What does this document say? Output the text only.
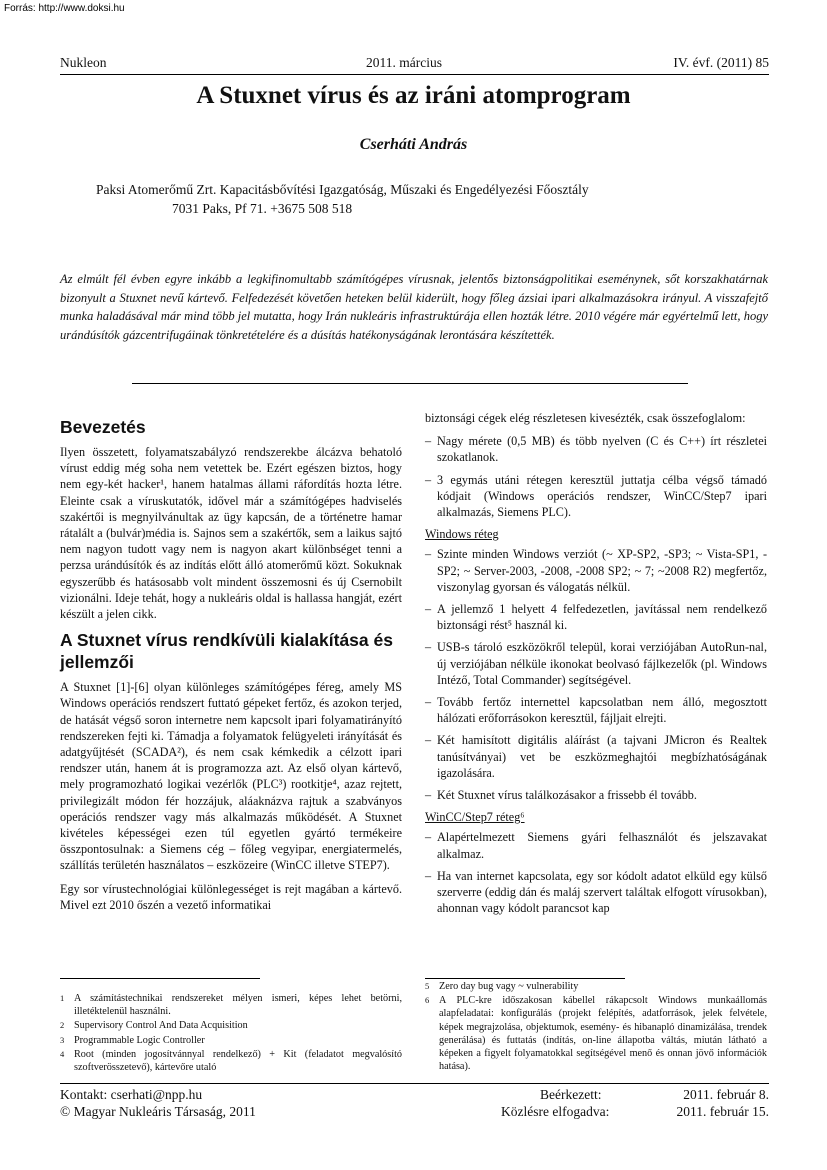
Forrás: http://www.doksi.hu
Nukleon	2011. március	IV. évf. (2011) 85
A Stuxnet vírus és az iráni atomprogram
Cserháti András
Paksi Atomerőmű Zrt. Kapacitásbővítési Igazgatóság, Műszaki és Engedélyezési Főosztály
7031 Paks, Pf 71. +3675 508 518

Az elmúlt fél évben egyre inkább a legkifinomultabb számítógépes vírusnak, jelentős biztonságpolitikai eseménynek, sőt korszakhatárnak bizonyult a Stuxnet nevű kártevő. Felfedezését követően heteken belül kiderült, hogy főleg ázsiai ipari alkalmazásokra irányul. A visszafejtő munka haladásával már mind több jel mutatta, hogy Irán nukleáris infrastruktúrája ellen hozták létre. 2010 végére már egyértelmű lett, hogy urándúsítók gázcentrifugáinak tönkretételére és a dúsítás hatékonyságának lerontására készítették.

Bevezetés

Ilyen összetett, folyamatszabályzó rendszerekbe álcázva behatoló vírust eddig még soha nem vetettek be. Ezért egészen biztos, hogy nem egy-két hacker¹, hanem hatalmas állami ráfordítás hozta létre. Eleinte csak a víruskutatók, idővel már a számítógépes hadviselés szakértői is megnyilvánultak az ügy kapcsán, de a történetre hamar rátalált a (bulvár)média is. Sajnos sem a szakértők, sem a laikus sajtó nem nagyon tudott vagy nem is nagyon akart különbséget tenni a perzsa urándúsítók és az indítás előtt álló atomerőmű közt. Sokuknak egyszerűbb és hatásosabb volt mindent összemosni és új Csernobilt vizionálni. Ideje tehát, hogy a nukleáris oldal is hallassa hangját, ezért készült a jelen cikk.

A Stuxnet vírus rendkívüli kialakítása és jellemzői

A Stuxnet [1]-[6] olyan különleges számítógépes féreg, amely MS Windows operációs rendszert futtató gépeket fertőz, és azokon terjed, de hatását végső soron internetre nem kapcsolt ipari folyamatirányító rendszereken fejti ki. Támadja a folyamatok felügyeleti irányítását és adatgyűjtését (SCADA²), és nem csak kémkedik a célzott ipari rendszer után, hanem át is programozza azt. Az első olyan kártevő, mely programozható logikai vezérlők (PLC³) rootkitje⁴, azaz rejtett, privilegizált módon fér hozzájuk, aláaknázva rajtuk a szabványos operációs rendszer vagy más alkalmazás működését. A Stuxnet kivételes képességei ezen túl egyetlen gyártó termékeire összpontosulnak: a Siemens cég – főleg vegyipar, energiatermelés, szállítás területén használatos – eszközeire (WinCC illetve STEP7).

Egy sor vírustechnológiai különlegességet is rejt magában a kártevő. Mivel ezt 2010 őszén a vezető informatikai

biztonsági cégek elég részletesen kivesézték, csak összefoglalom:

– Nagy mérete (0,5 MB) és több nyelven (C és C++) írt részletei szokatlanok.
– 3 egymás utáni rétegen keresztül juttatja célba végső támadó kódjait (Windows operációs rendszer, WinCC/Step7 ipari alkalmazás, Siemens PLC).
Windows réteg
– Szinte minden Windows verziót (~ XP-SP2, -SP3; ~ Vista-SP1, -SP2; ~ Server-2003, -2008, -2008 SP2; ~ 7; ~2008 R2) megfertőz, viszonylag gyorsan és válogatás nélkül.
– A jellemző 1 helyett 4 felfedezetlen, javítással nem rendelkező biztonsági rést⁵ használ ki.
– USB-s tároló eszközökről települ, korai verziójában AutoRun-nal, új verziójában nélküle ikonokat beolvasó fájlkezelők (pl. Windows Intéző, Total Commander) segítségével.
– Tovább fertőz internettel kapcsolatban nem álló, megosztott hálózati erőforrásokon keresztül, fájljait elrejti.
– Két hamisított digitális aláírást (a tajvani JMicron és Realtek tanúsítványai) vet be eszközmeghajtói megbízhatóságának igazolására.
– Két Stuxnet vírus találkozásakor a frissebb él tovább.
WinCC/Step7 réteg⁶
– Alapértelmezett Siemens gyári felhasználót és jelszavakat alkalmaz.
– Ha van internet kapcsolata, egy sor kódolt adatot elküld egy külső szerverre (eddig dán és maláj szervert találtak elfogott vírusokban), ahonnan vagy kódolt parancsot kap
1 A számítástechnikai rendszereket mélyen ismeri, képes lehet betörni, illetéktelenül használni.
2 Supervisory Control And Data Acquisition
3 Programmable Logic Controller
4 Root (minden jogosítvánnyal rendelkező) + Kit (feladatot megvalósító szoftverösszetevő), kártevőre utaló
5 Zero day bug vagy ~ vulnerability
6 A PLC-kre időszakosan kábellel rákapcsolt Windows munkaállomás alapfeladatai: konfigurálás (projekt felépítés, adatforrások, jelek felvétele, képek megrajzolása, objektumok, esemény- és hibanapló dinamizálása, trendek generálása) és futtatás (indítás, on-line állapotba váltás, miután látható a képeken a figyelt folyamatokkal segítségével menő és onnan jövő információk hatása).
Kontakt: cserhati@npp.hu
© Magyar Nukleáris Társaság, 2011
Beérkezett:
Közlésre elfogadva:
2011. február 8.
2011. február 15.
